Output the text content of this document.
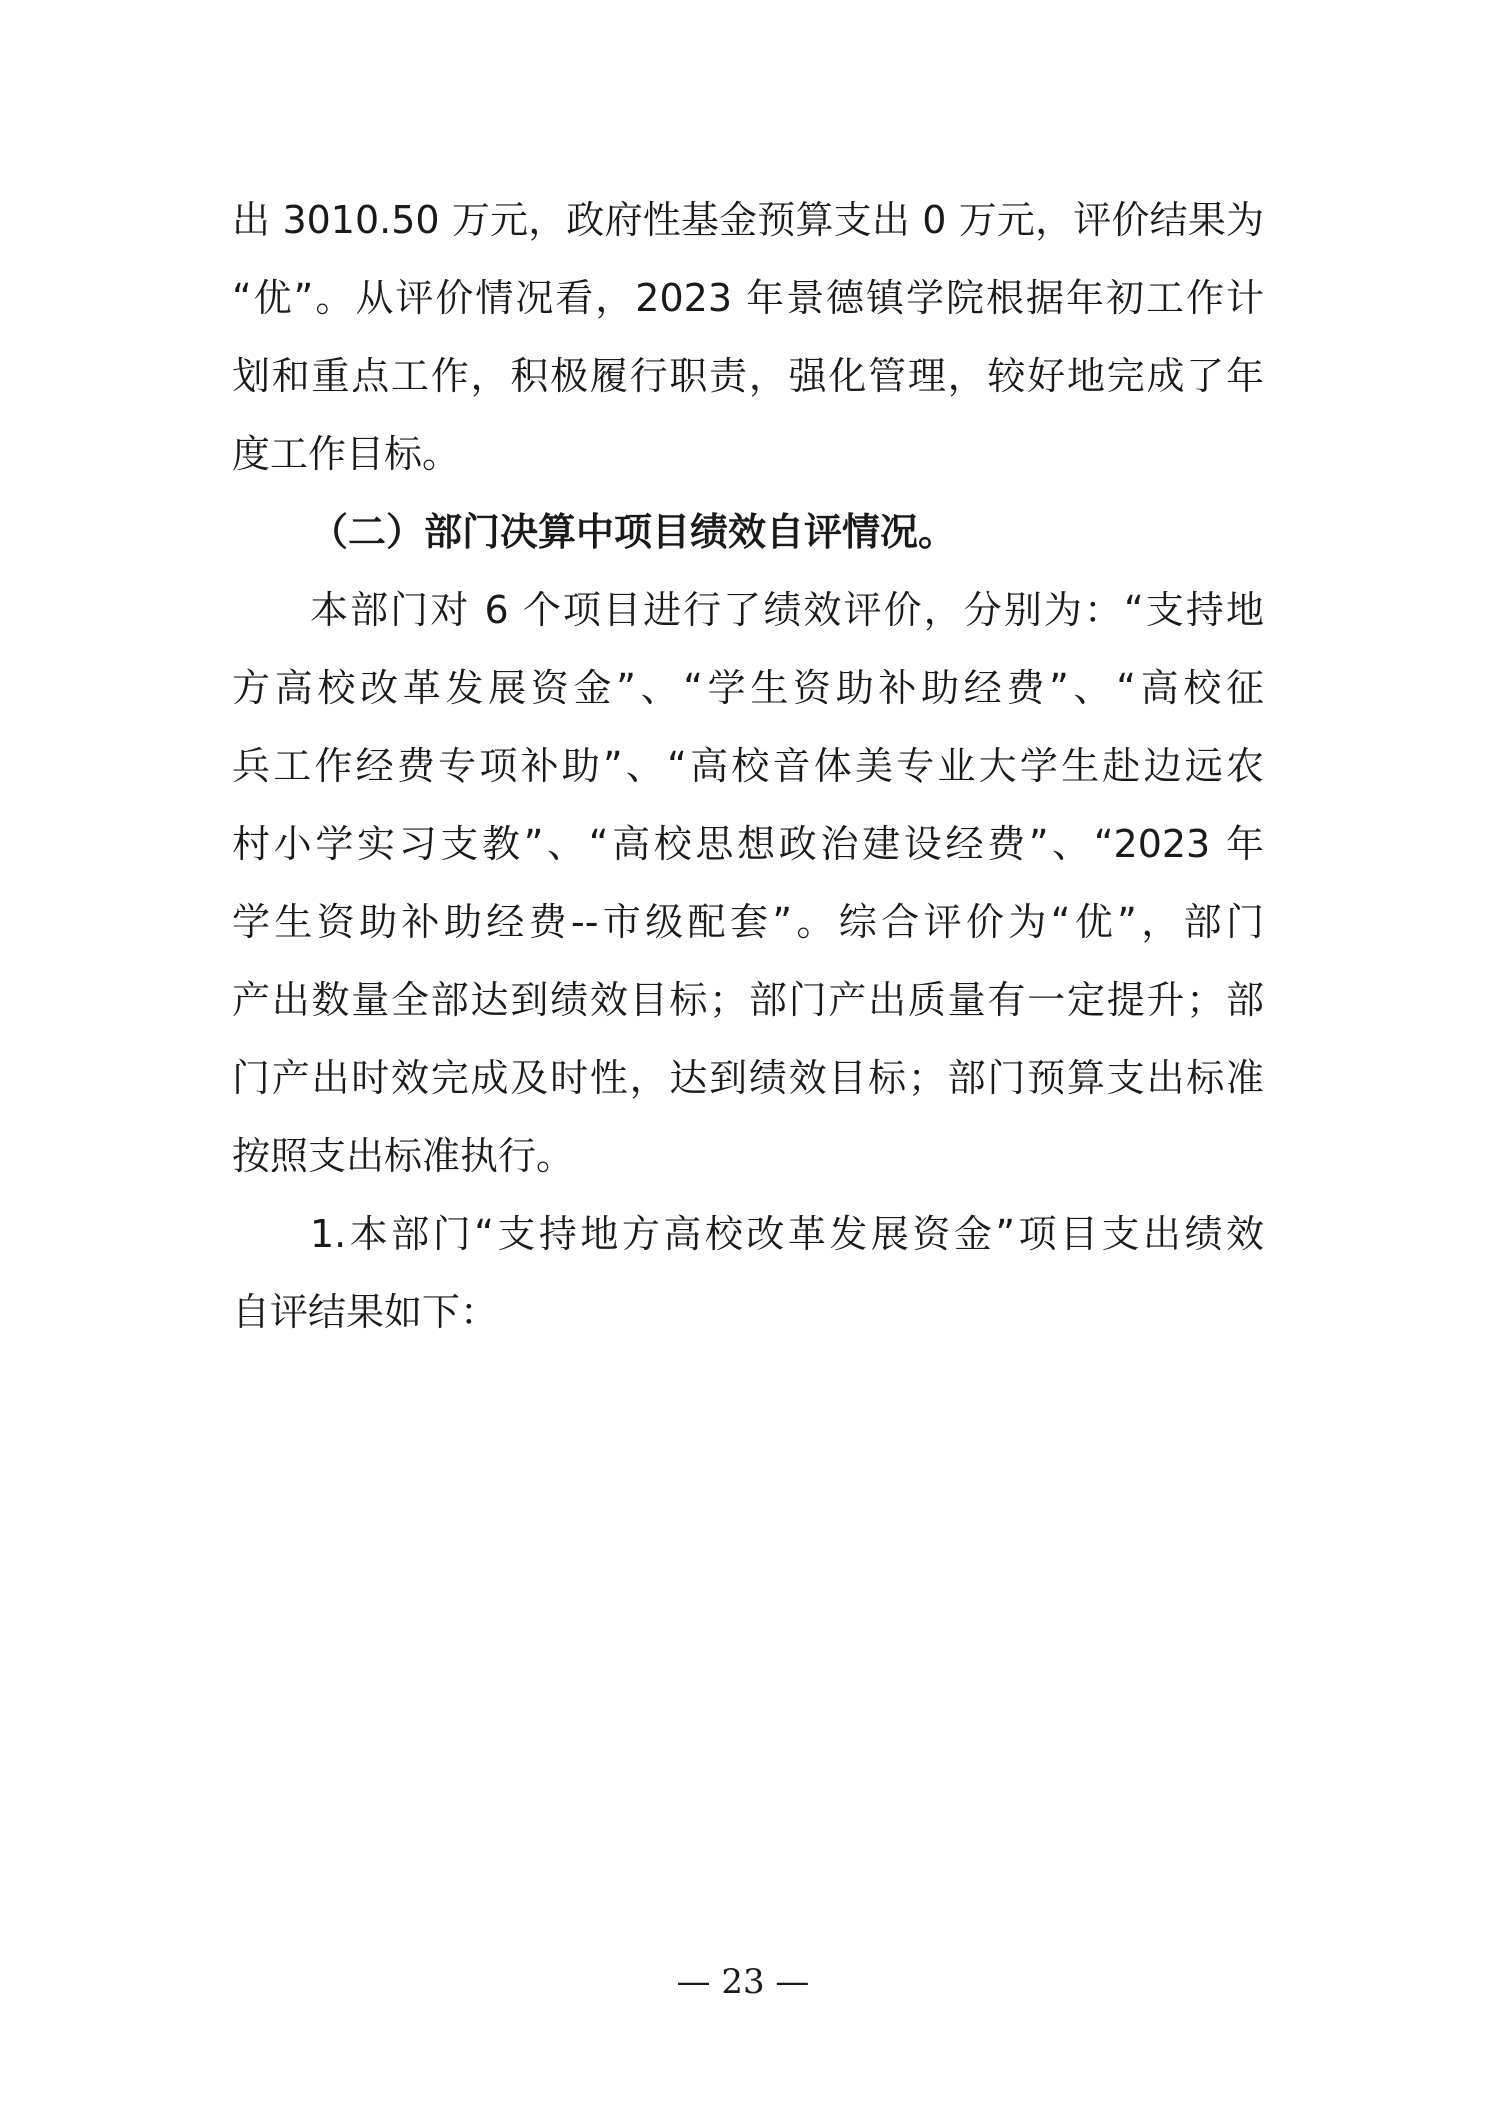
出 3010.50 万元，政府性基金预算支出 0 万元，评价结果为
“优”。从评价情况看，2023 年景德镇学院根据年初工作计
划和重点工作，积极履行职责，强化管理，较好地完成了年
度工作目标。
（二）部门决算中项目绩效自评情况。
本部门对 6 个项目进行了绩效评价，分别为：“支持地
方高校改革发展资金”、“学生资助补助经费”、“高校征
兵工作经费专项补助”、“高校音体美专业大学生赴边远农
村小学实习支教”、“高校思想政治建设经费”、“2023 年
学生资助补助经费--市级配套”。综合评价为“优”，部门
产出数量全部达到绩效目标；部门产出质量有一定提升；部
门产出时效完成及时性，达到绩效目标；部门预算支出标准
按照支出标准执行。
1.本部门“支持地方高校改革发展资金”项目支出绩效
自评结果如下：
— 23 —
